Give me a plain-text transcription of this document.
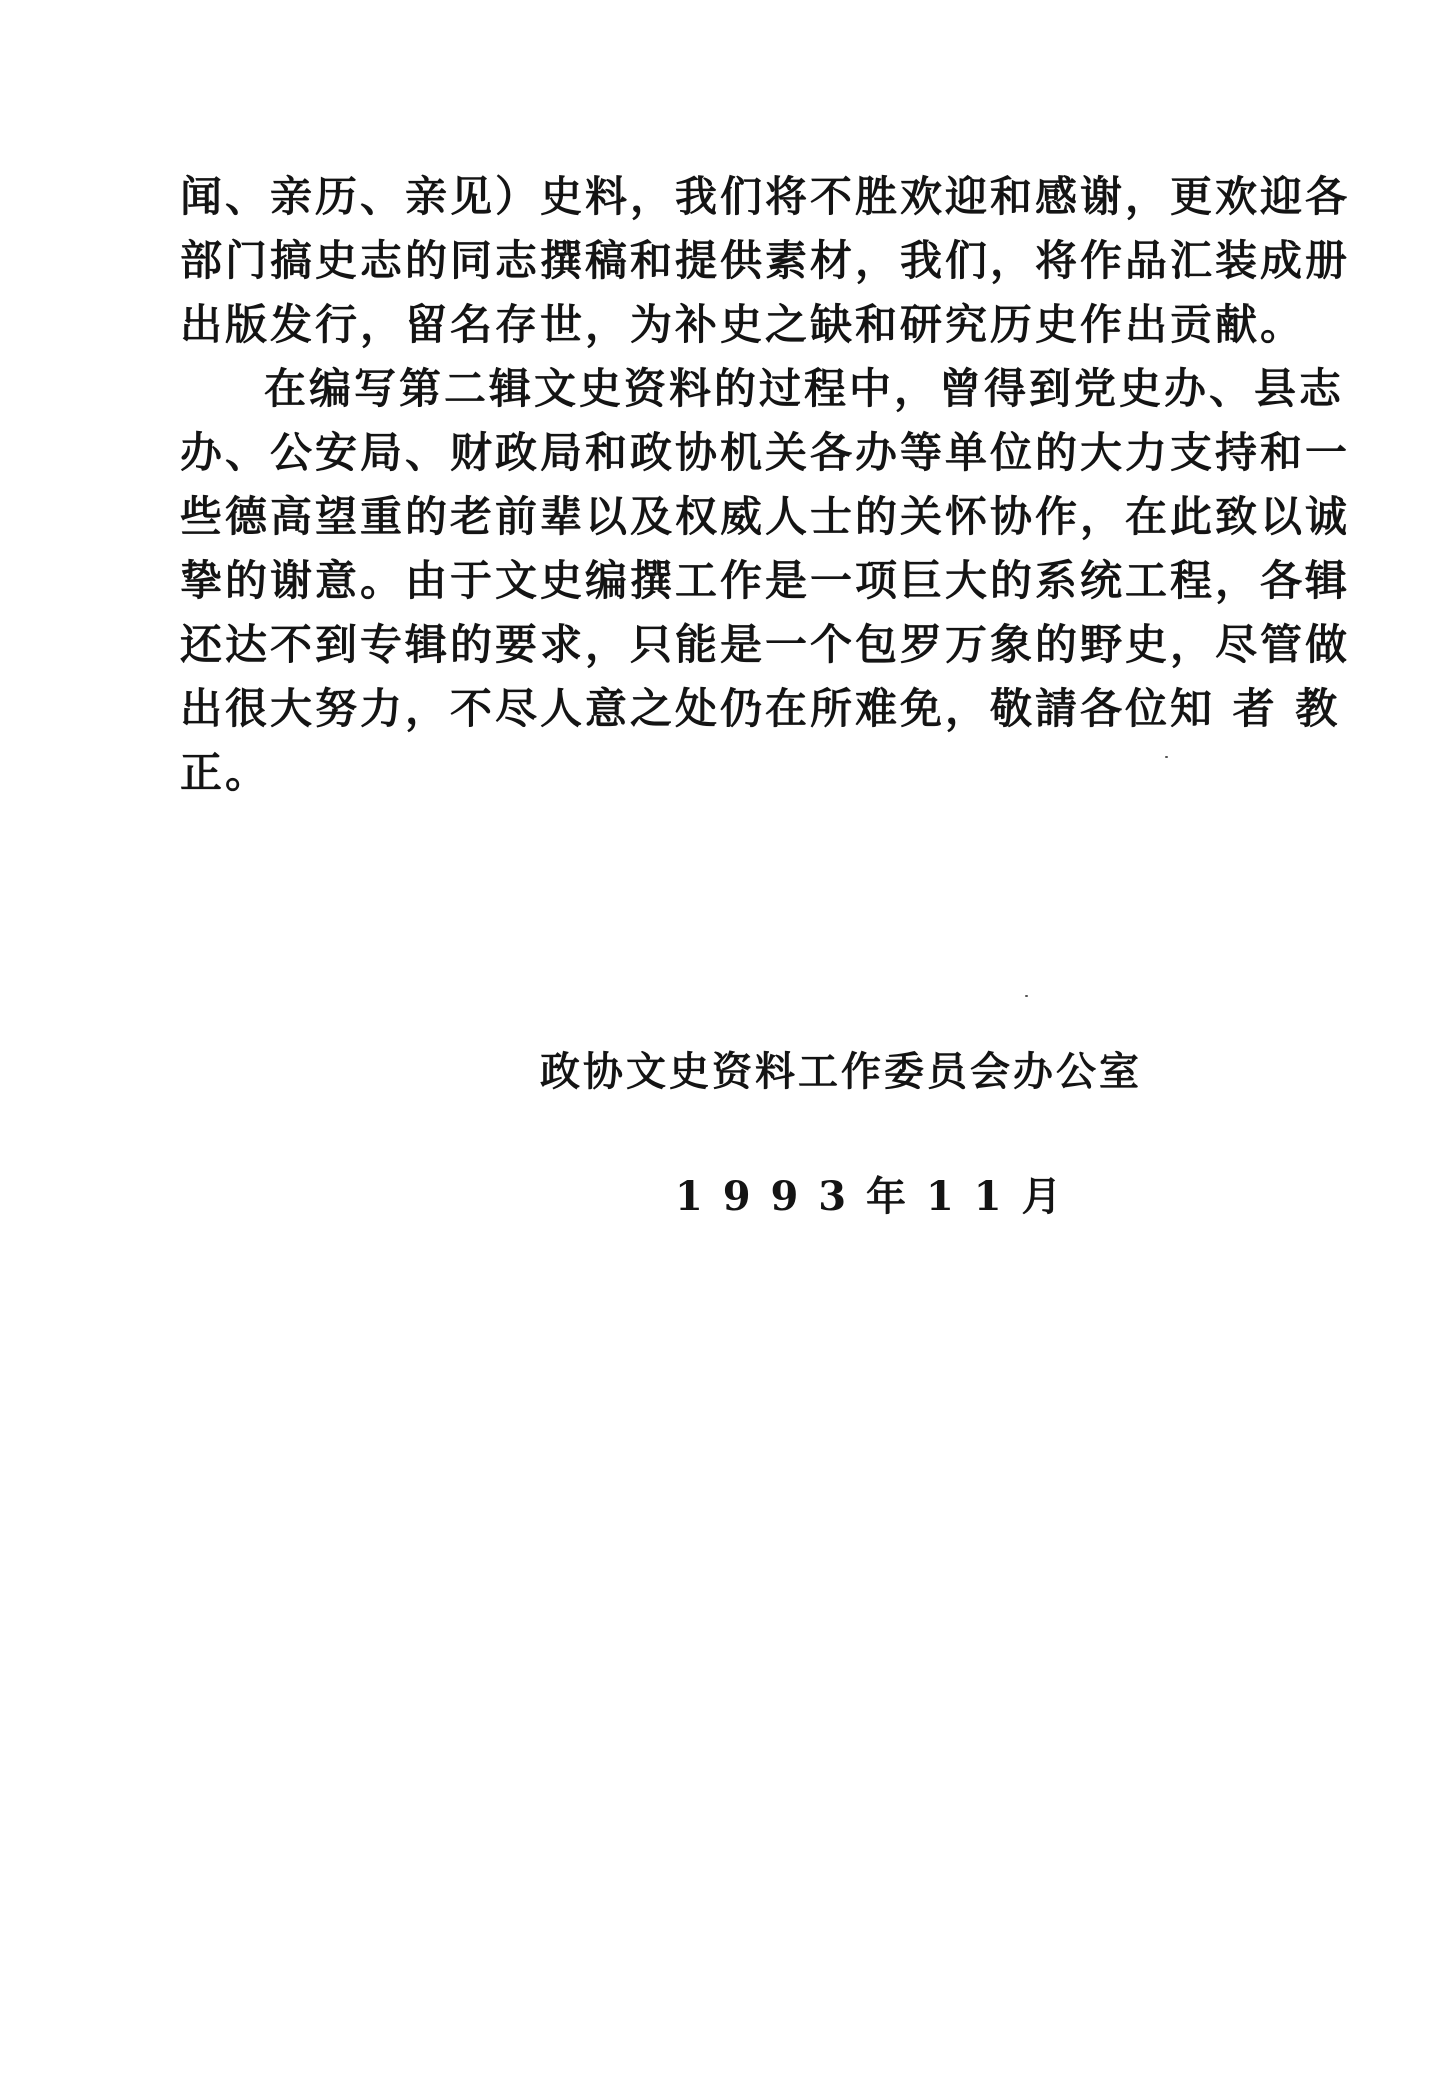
闻、亲历、亲见）史料，我们将不胜欢迎和感谢，更欢迎各
部门搞史志的同志撰稿和提供素材，我们，将作品汇装成册
出版发行，留名存世，为补史之缺和研究历史作出贡献。
在编写第二辑文史资料的过程中，曾得到党史办、县志
办、公安局、财政局和政协机关各办等单位的大力支持和一
些德高望重的老前辈以及权威人士的关怀协作，在此致以诚
挚的谢意。由于文史编撰工作是一项巨大的系统工程，各辑
还达不到专辑的要求，只能是一个包罗万象的野史，尽管做
出很大努力，不尽人意之处仍在所难免，敬請各位知 者 教
正。
政协文史资料工作委员会办公室
1 9 9 3 年 1 1 月
